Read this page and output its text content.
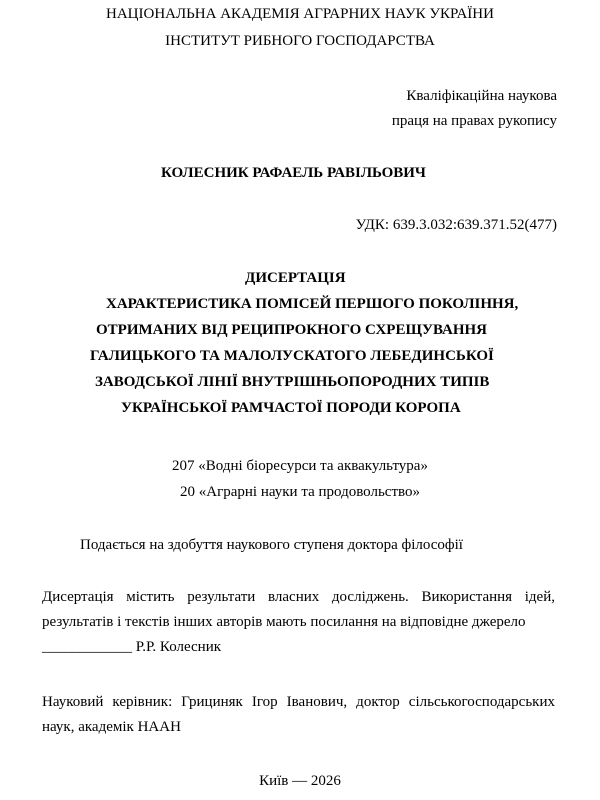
НАЦІОНАЛЬНА АКАДЕМІЯ АГРАРНИХ НАУК УКРАЇНИ
ІНСТИТУТ РИБНОГО ГОСПОДАРСТВА
Кваліфікаційна наукова
праця на правах рукопису
КОЛЕСНИК РАФАЕЛЬ РАВІЛЬОВИЧ
УДК: 639.3.032:639.371.52(477)
ДИСЕРТАЦІЯ
ХАРАКТЕРИСТИКА ПОМІСЕЙ ПЕРШОГО ПОКОЛІННЯ,
ОТРИМАНИХ ВІД РЕЦИПРОКНОГО СХРЕЩУВАННЯ
ГАЛИЦЬКОГО ТА МАЛОЛУСКАТОГО ЛЕБЕДИНСЬКОЇ
ЗАВОДСЬКОЇ ЛІНІЇ ВНУТРІШНЬОПОРОДНИХ ТИПІВ
УКРАЇНСЬКОЇ РАМЧАСТОЇ ПОРОДИ КОРОПА
207 «Водні біоресурси та аквакультура»
20 «Аграрні науки та продовольство»
Подається на здобуття наукового ступеня доктора філософії
Дисертація містить результати власних досліджень. Використання ідей, результатів і текстів інших авторів мають посилання на відповідне джерело
____________ Р.Р. Колесник
Науковий керівник: Грициняк Ігор Іванович, доктор сільськогосподарських наук, академік НААН
Київ — 2026
